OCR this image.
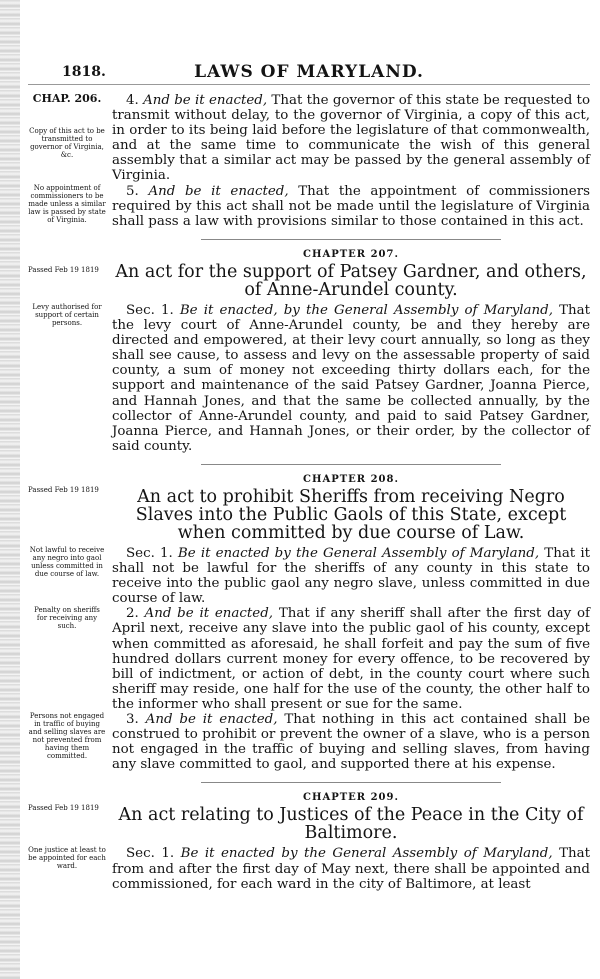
1818.	LAWS OF MARYLAND.
CHAP. 206.
Copy of this act to be transmitted to governor of Virginia, &c.

4. And be it enacted, That the governor of this state be requested to transmit without delay, to the governor of Virginia, a copy of this act, in order to its being laid before the legislature of that commonwealth, and at the same time to communicate the wish of this general assembly that a similar act may be passed by the general assembly of Virginia.

No appointment of commissioners to be made unless a similar law is passed by state of Virginia.

5. And be it enacted, That the appointment of commissioners required by this act shall not be made until the legislature of Virginia shall pass a law with provisions similar to those contained in this act.

Passed Feb 19 1819
CHAPTER 207.
An act for the support of Patsey Gardner, and others, of Anne-Arundel county.
Levy authorised for support of certain persons.

Sec. 1. Be it enacted, by the General Assembly of Maryland, That the levy court of Anne-Arundel county, be and they hereby are directed and empowered, at their levy court annually, so long as they shall see cause, to assess and levy on the assessable property of said county, a sum of money not exceeding thirty dollars each, for the support and maintenance of the said Patsey Gardner, Joanna Pierce, and Hannah Jones, and that the same be collected annually, by the collector of Anne-Arundel county, and paid to said Patsey Gardner, Joanna Pierce, and Hannah Jones, or their order, by the collector of said county.

Passed Feb 19 1819
CHAPTER 208.
An act to prohibit Sheriffs from receiving Negro Slaves into the Public Gaols of this State, except when committed by due course of Law.
Not lawful to receive any negro into gaol unless committed in due course of law.

Sec. 1. Be it enacted by the General Assembly of Maryland, That it shall not be lawful for the sheriffs of any county in this state to receive into the public gaol any negro slave, unless committed in due course of law.

Penalty on sheriffs for receiving any such.

2. And be it enacted, That if any sheriff shall after the first day of April next, receive any slave into the public gaol of his county, except when committed as aforesaid, he shall forfeit and pay the sum of five hundred dollars current money for every offence, to be recovered by bill of indictment, or action of debt, in the county court where such sheriff may reside, one half for the use of the county, the other half to the informer who shall present or sue for the same.

Persons not engaged in traffic of buying and selling slaves are not prevented from having them committed.

3. And be it enacted, That nothing in this act contained shall be construed to prohibit or prevent the owner of a slave, who is a person not engaged in the traffic of buying and selling slaves, from having any slave committed to gaol, and supported there at his expense.

Passed Feb 19 1819
CHAPTER 209.
An act relating to Justices of the Peace in the City of Baltimore.
One justice at least to be appointed for each ward.

Sec. 1. Be it enacted by the General Assembly of Maryland, That from and after the first day of May next, there shall be appointed and commissioned, for each ward in the city of Baltimore, at least
